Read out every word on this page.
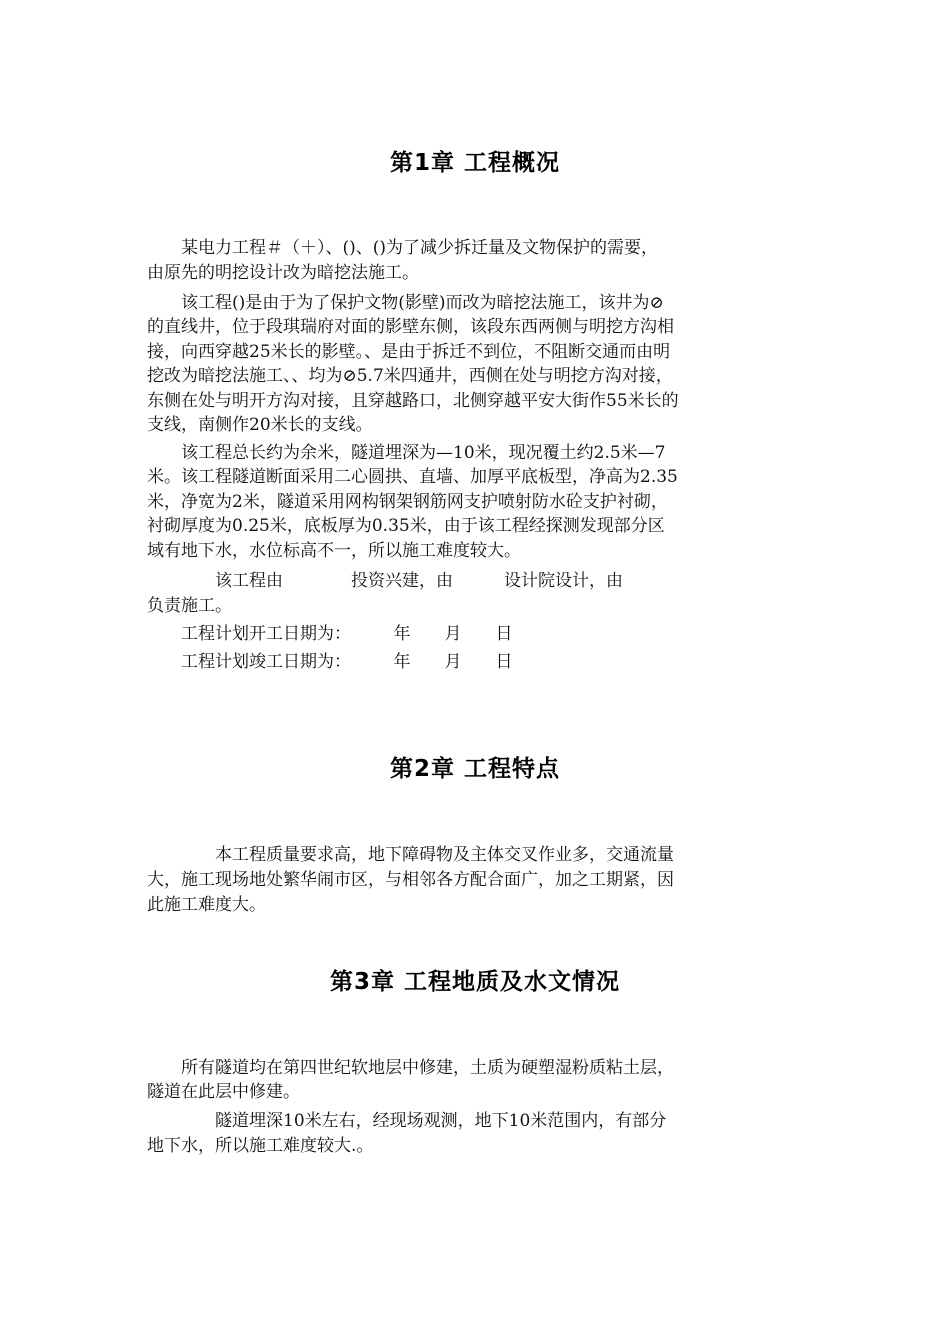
第1章 工程概况
　　某电力工程＃（＋）、()、()为了减少拆迁量及文物保护的需要，
由原先的明挖设计改为暗挖法施工。
　　该工程()是由于为了保护文物(影壁)而改为暗挖法施工，该井为⊘
的直线井，位于段琪瑞府对面的影壁东侧，该段东西两侧与明挖方沟相
接，向西穿越25米长的影壁。、是由于拆迁不到位，不阻断交通而由明
挖改为暗挖法施工、、均为⊘5.7米四通井，西侧在处与明挖方沟对接，
东侧在处与明开方沟对接，且穿越路口，北侧穿越平安大街作55米长的
支线，南侧作20米长的支线。
　　该工程总长约为余米，隧道埋深为—10米，现况覆土约2.5米—7
米。该工程隧道断面采用二心圆拱、直墙、加厚平底板型，净高为2.35
米，净宽为2米，隧道采用网构钢架钢筋网支护喷射防水砼支护衬砌，
衬砌厚度为0.25米，底板厚为0.35米，由于该工程经探测发现部分区
域有地下水，水位标高不一，所以施工难度较大。
　　　　该工程由　　　　投资兴建，由　　　设计院设计，由
负责施工。
　　工程计划开工日期为：　　　年　　月　　日
　　工程计划竣工日期为：　　　年　　月　　日
第2章 工程特点
　　　　本工程质量要求高，地下障碍物及主体交叉作业多，交通流量
大，施工现场地处繁华闹市区，与相邻各方配合面广，加之工期紧，因
此施工难度大。
第3章 工程地质及水文情况
　　所有隧道均在第四世纪软地层中修建，土质为硬塑湿粉质粘土层，
隧道在此层中修建。
　　　　隧道埋深10米左右，经现场观测，地下10米范围内，有部分
地下水，所以施工难度较大.。
